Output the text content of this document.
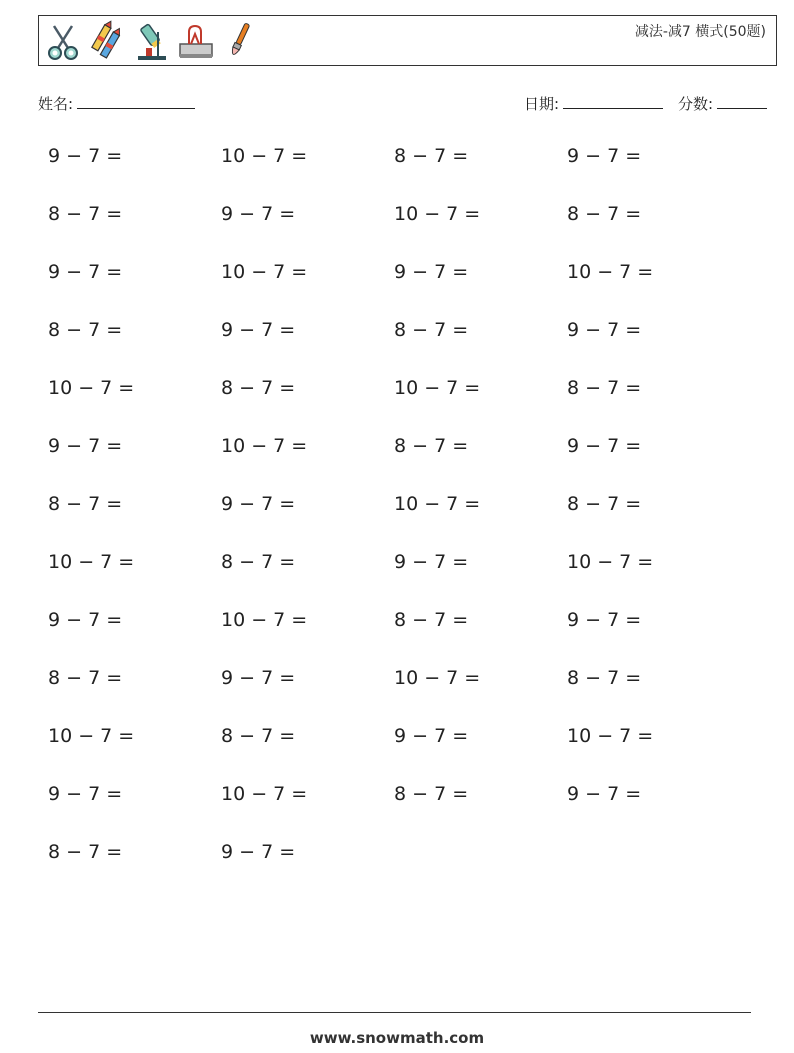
减法-减7 横式(50题)
姓名:	日期:	分数:
9 − 7 =	10 − 7 =	8 − 7 =	9 − 7 =
8 − 7 =	9 − 7 =	10 − 7 =	8 − 7 =
9 − 7 =	10 − 7 =	9 − 7 =	10 − 7 =
8 − 7 =	9 − 7 =	8 − 7 =	9 − 7 =
10 − 7 =	8 − 7 =	10 − 7 =	8 − 7 =
9 − 7 =	10 − 7 =	8 − 7 =	9 − 7 =
8 − 7 =	9 − 7 =	10 − 7 =	8 − 7 =
10 − 7 =	8 − 7 =	9 − 7 =	10 − 7 =
9 − 7 =	10 − 7 =	8 − 7 =	9 − 7 =
8 − 7 =	9 − 7 =	10 − 7 =	8 − 7 =
10 − 7 =	8 − 7 =	9 − 7 =	10 − 7 =
9 − 7 =	10 − 7 =	8 − 7 =	9 − 7 =
8 − 7 =	9 − 7 =
www.snowmath.com
